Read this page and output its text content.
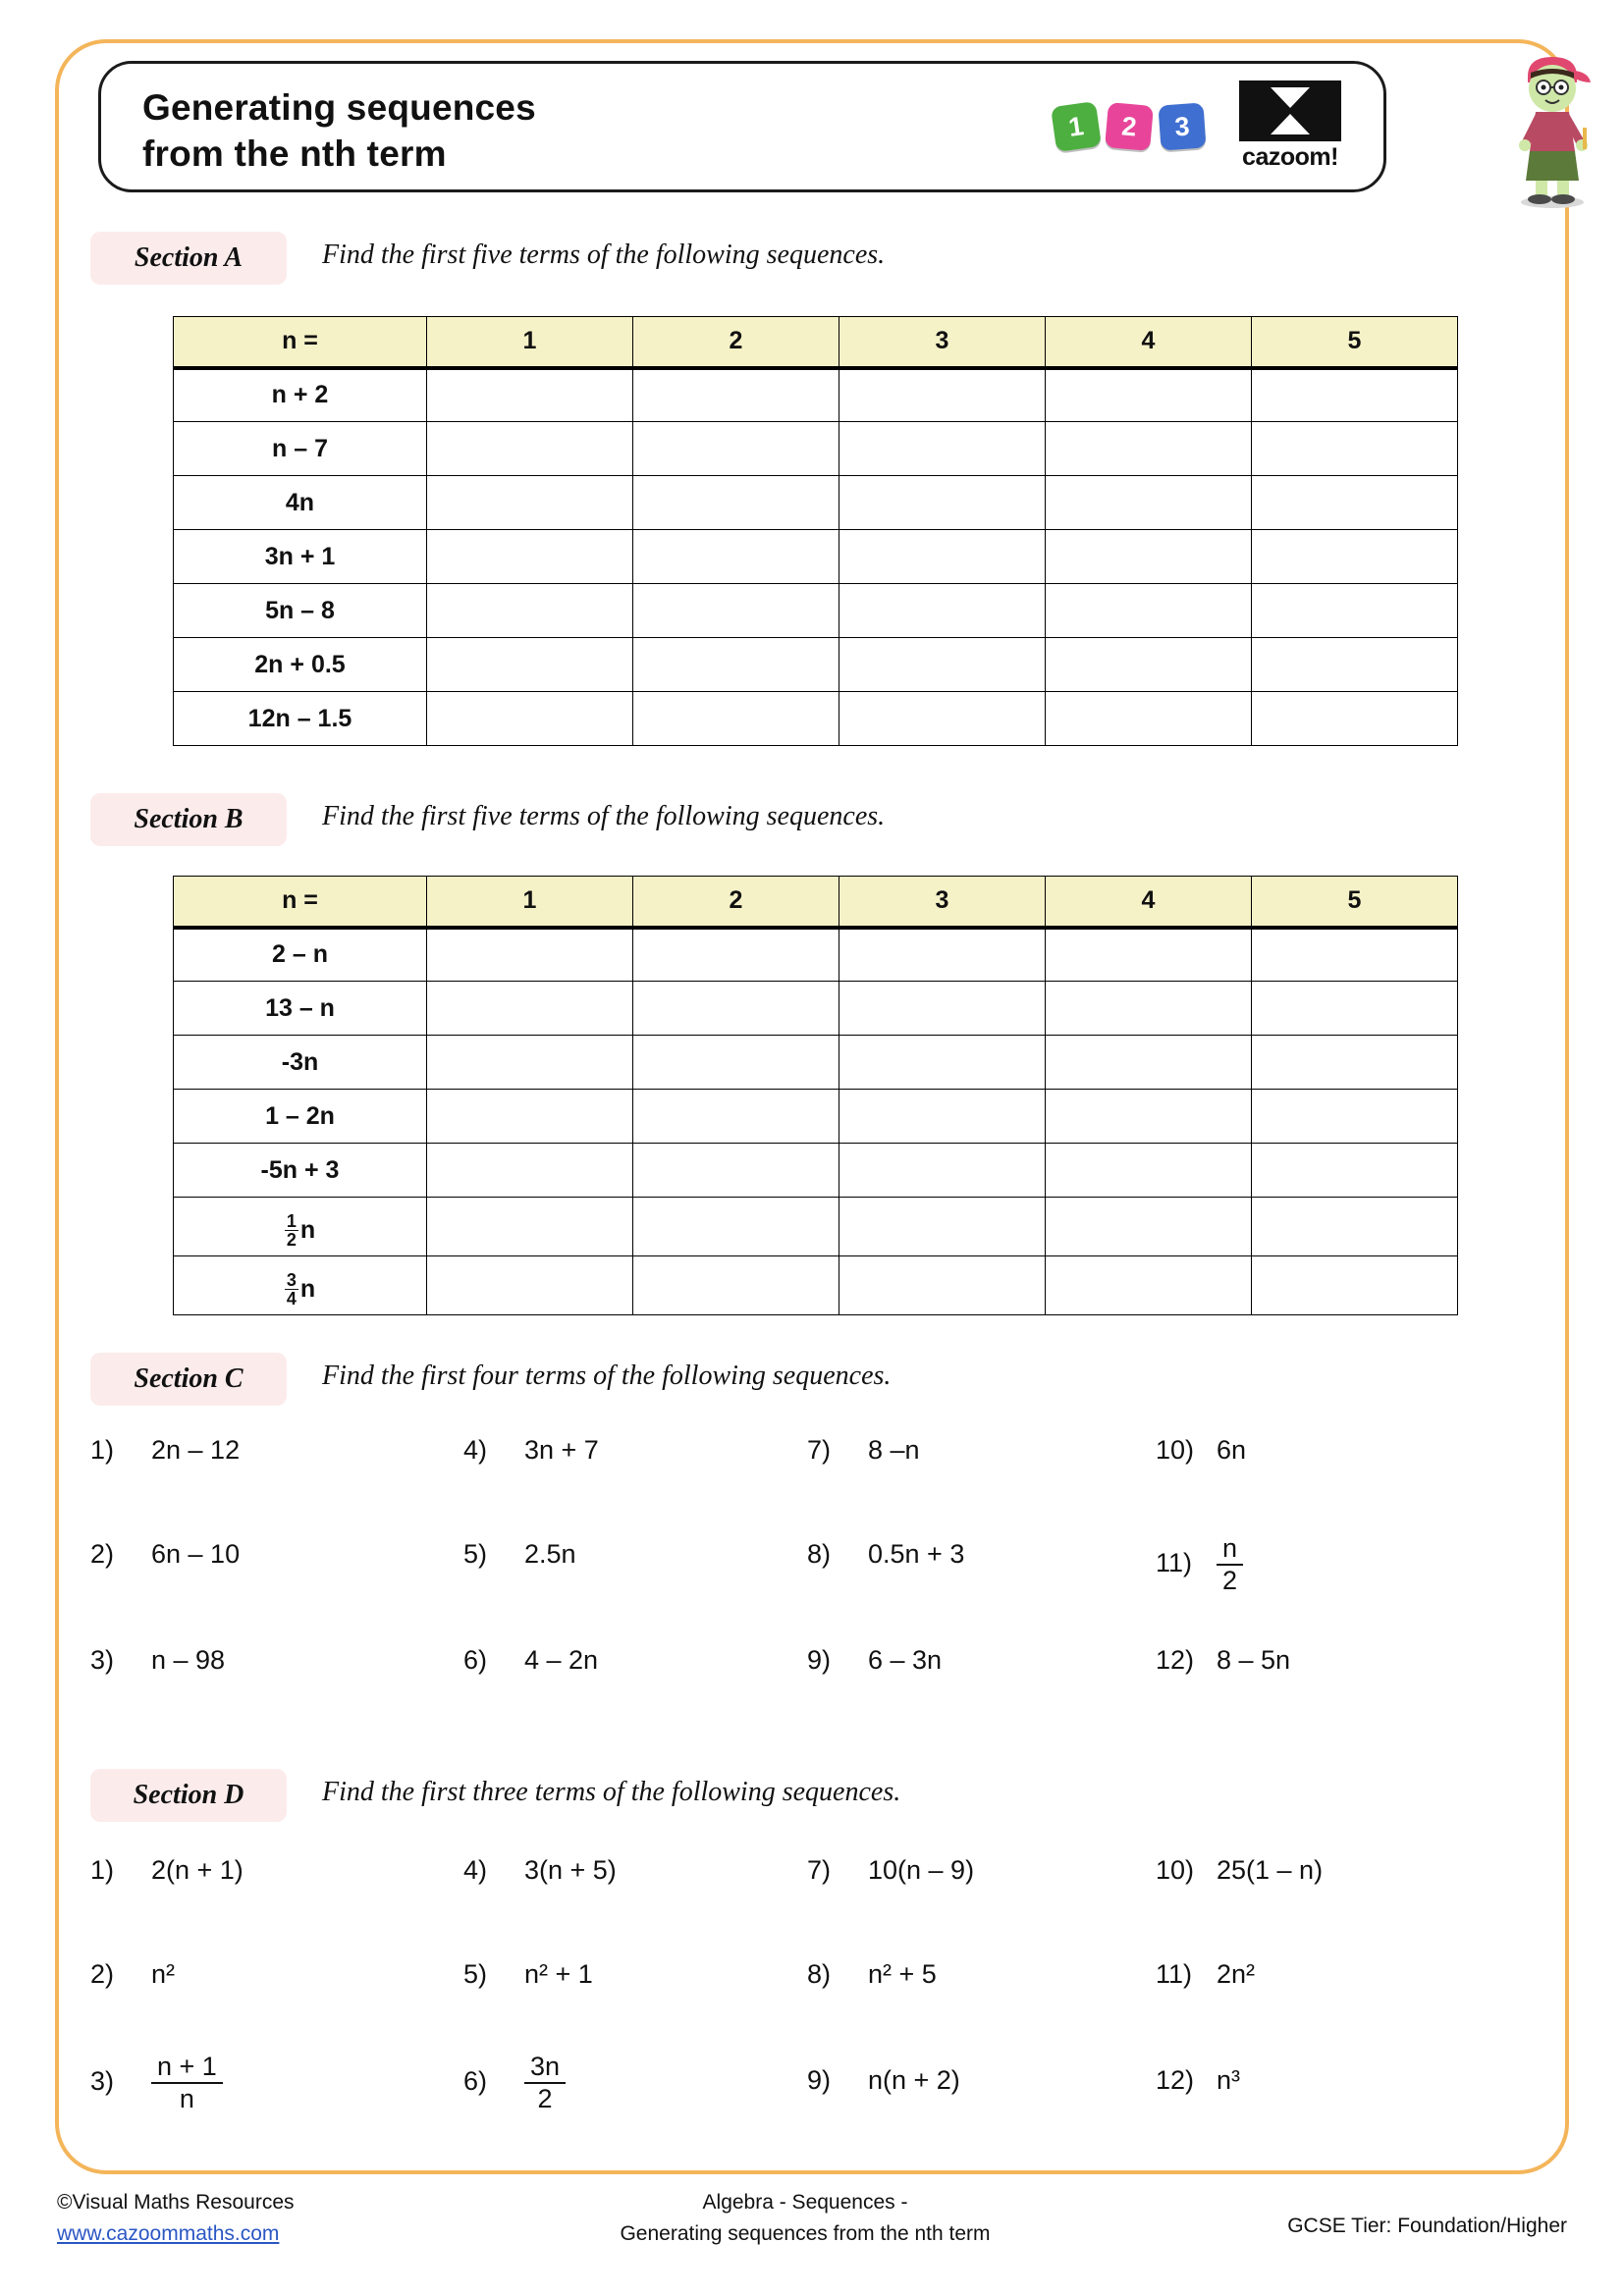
Generating sequences
from the nth term
1	2	3
cazoom!
Section A	Find the first five terms of the following sequences.
n =	1	2	3	4	5
n + 2					
n – 7					
4n					
3n + 1					
5n – 8					
2n + 0.5					
12n – 1.5					
Section B	Find the first five terms of the following sequences.
n =	1	2	3	4	5
2 – n					
13 – n					
-3n					
1 – 2n					
-5n + 3					

$\frac{1}{2}$ n					

$\frac{3}{4}$ n					

Section C	Find the first four terms of the following sequences.
1) 2n – 12
2) 6n – 10
3) n – 98
4) 3n + 7
5) 2.5n
6) 4 – 2n
7) 8 –n
8) 0.5n + 3
9) 6 – 3n
10) 6n
$11) \frac{n}{2}$
12) 8 – 5n
Section D	Find the first three terms of the following sequences.
1) 2(n + 1)
2) n²
$3) \frac{n + 1}{n}$
4) 3(n + 5)
5) n² + 1
$6) \frac{3n}{2}$
7) 10(n – 9)
8) n² + 5
9) n(n + 2)
10) 25(1 – n)
11) 2n²
12) n³
©Visual Maths Resources
www.cazoommaths.com
Algebra - Sequences -
Generating sequences from the nth term	GCSE Tier: Foundation/Higher
